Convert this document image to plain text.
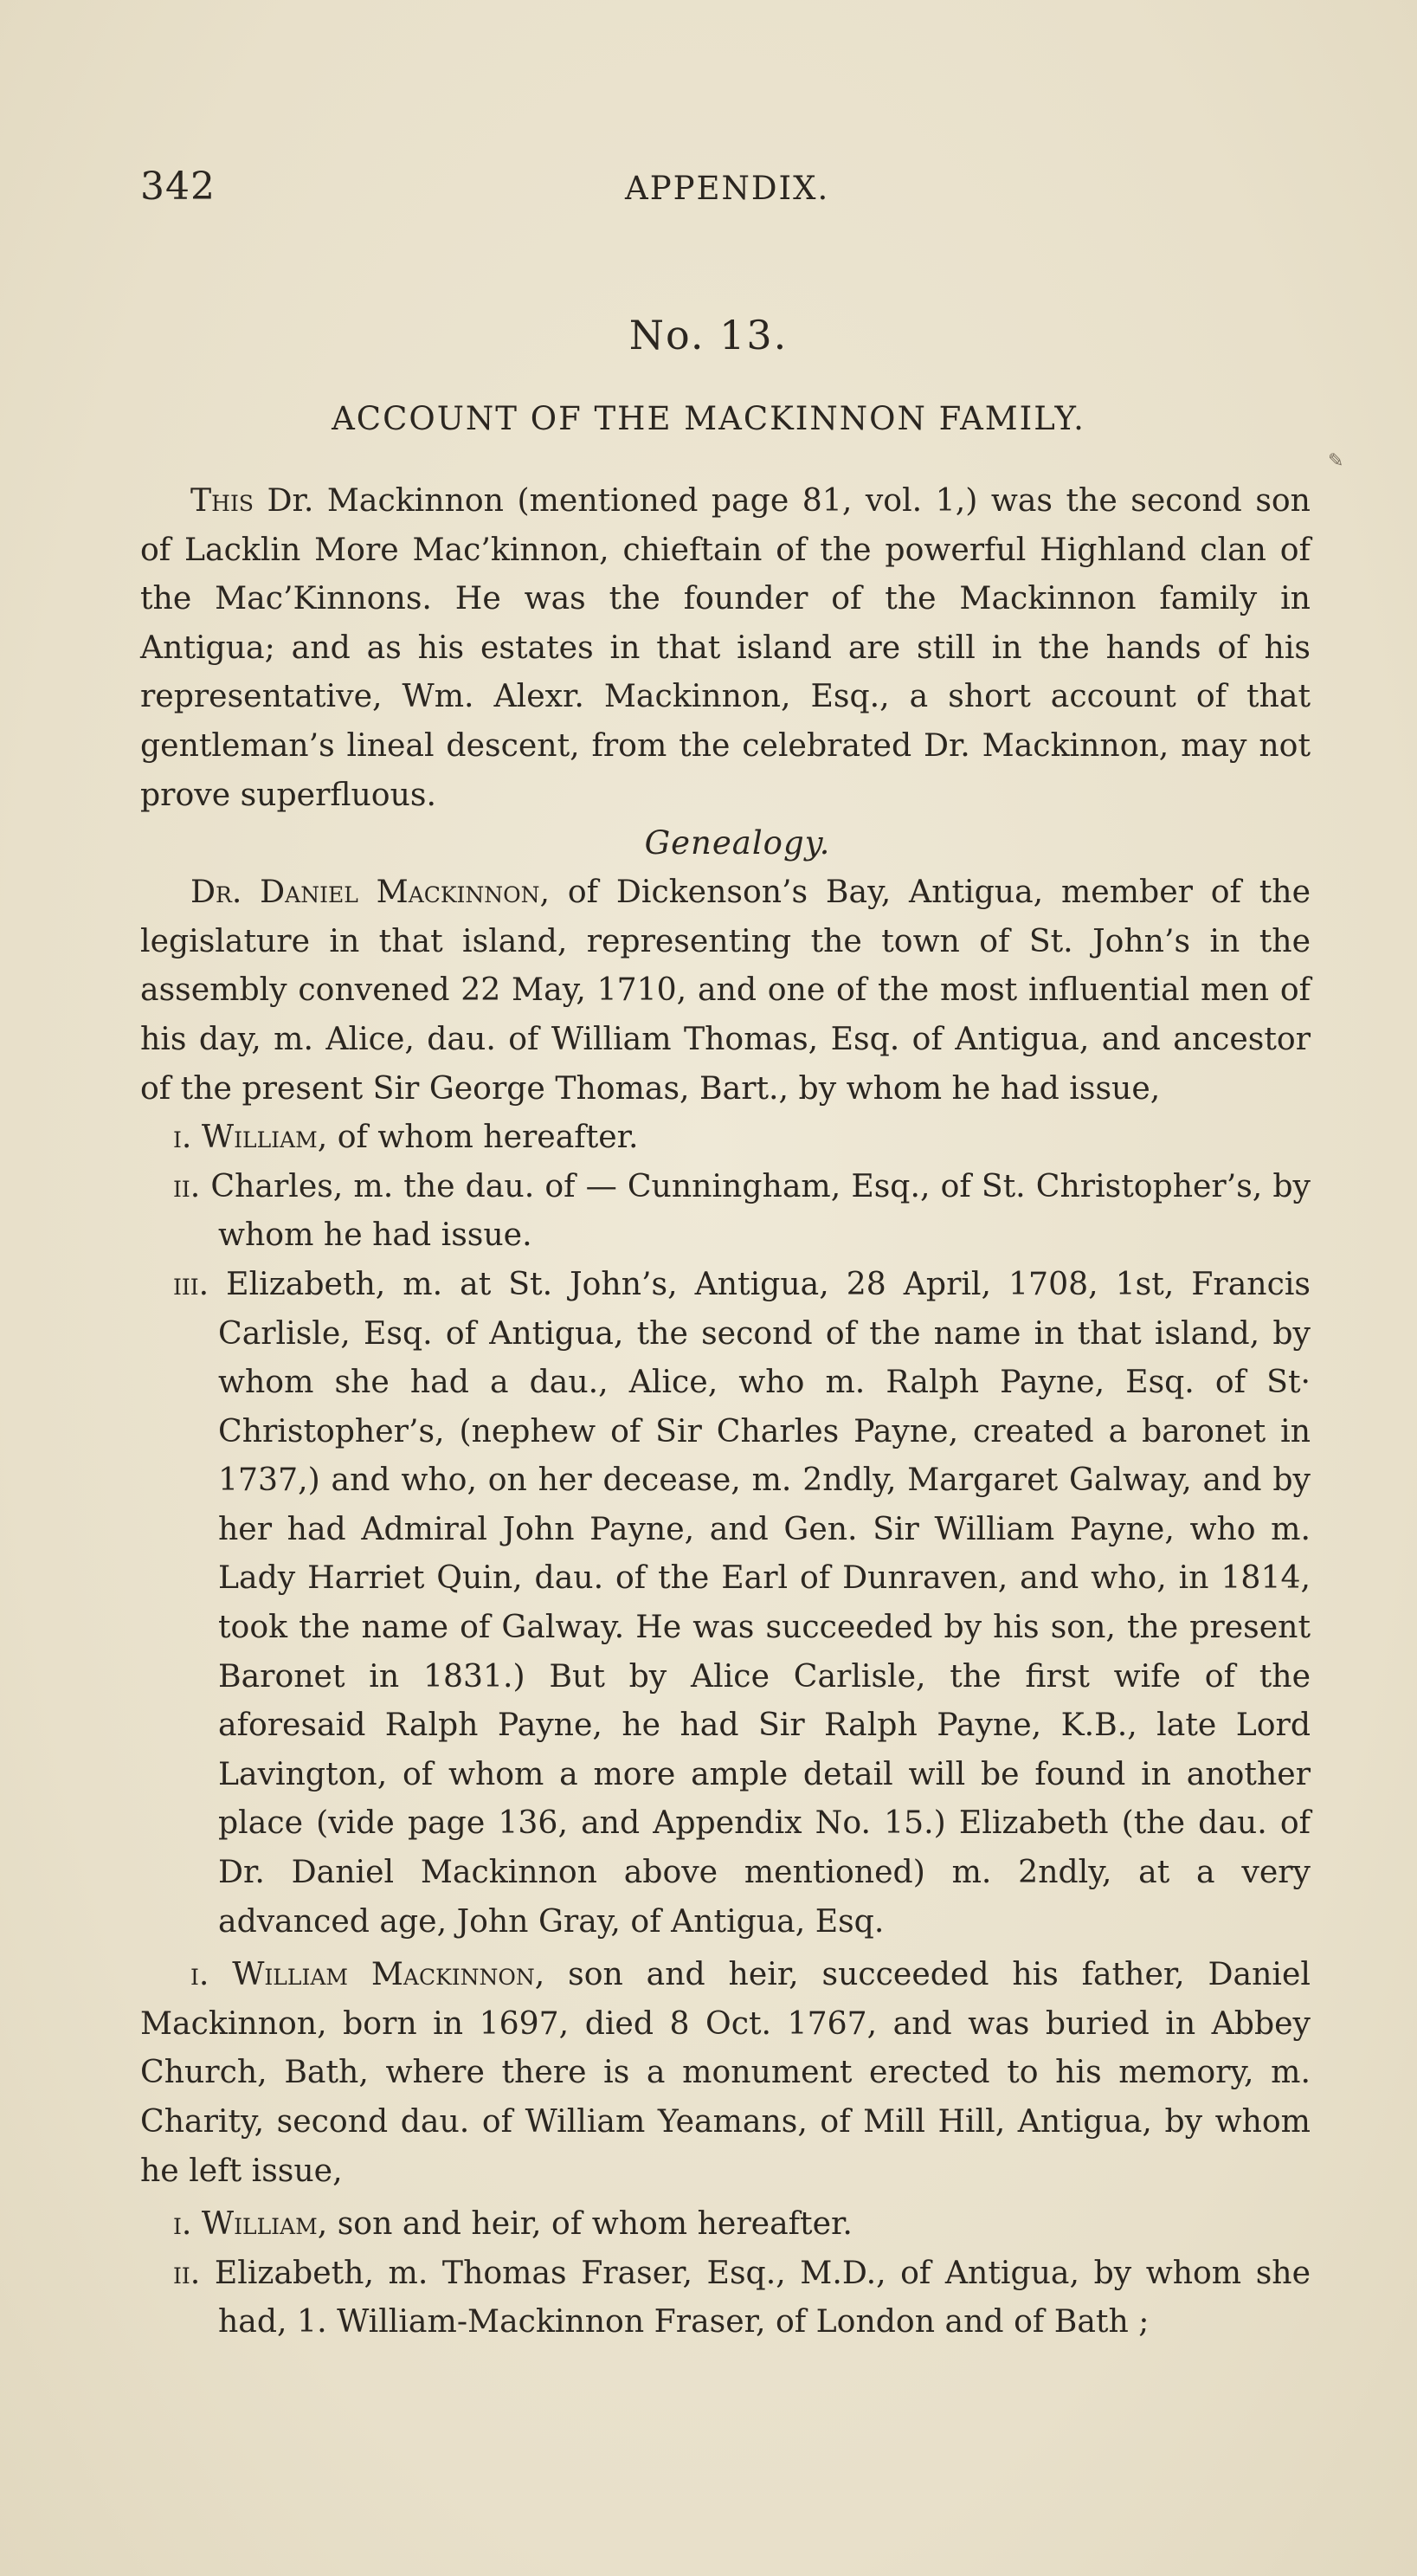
342	APPENDIX.
No. 13.
ACCOUNT OF THE MACKINNON FAMILY.

This Dr. Mackinnon (mentioned page 81, vol. 1,) was the second son of Lacklin More Mac’kinnon, chieftain of the powerful Highland clan of the Mac’Kinnons. He was the founder of the Mackinnon family in Antigua; and as his estates in that island are still in the hands of his representative, Wm. Alexr. Mackinnon, Esq., a short account of that gentleman’s lineal descent, from the celebrated Dr. Mackinnon, may not prove superfluous.

Genealogy.

Dr. Daniel Mackinnon, of Dickenson’s Bay, Antigua, member of the legislature in that island, representing the town of St. John’s in the assembly convened 22 May, 1710, and one of the most influential men of his day, m. Alice, dau. of William Thomas, Esq. of Antigua, and ancestor of the present Sir George Thomas, Bart., by whom he had issue,

i. William, of whom hereafter.

ii. Charles, m. the dau. of — Cunningham, Esq., of St. Christopher’s, by whom he had issue.

iii. Elizabeth, m. at St. John’s, Antigua, 28 April, 1708, 1st, Francis Carlisle, Esq. of Antigua, the second of the name in that island, by whom she had a dau., Alice, who m. Ralph Payne, Esq. of St· Christopher’s, (nephew of Sir Charles Payne, created a baronet in 1737,) and who, on her decease, m. 2ndly, Margaret Galway, and by her had Admiral John Payne, and Gen. Sir William Payne, who m. Lady Harriet Quin, dau. of the Earl of Dunraven, and who, in 1814, took the name of Galway. He was succeeded by his son, the present Baronet in 1831.) But by Alice Carlisle, the first wife of the aforesaid Ralph Payne, he had Sir Ralph Payne, K.B., late Lord Lavington, of whom a more ample detail will be found in another place (vide page 136, and Appendix No. 15.) Elizabeth (the dau. of Dr. Daniel Mackinnon above mentioned) m. 2ndly, at a very advanced age, John Gray, of Antigua, Esq.

i. William Mackinnon, son and heir, succeeded his father, Daniel Mackinnon, born in 1697, died 8 Oct. 1767, and was buried in Abbey Church, Bath, where there is a monument erected to his memory, m. Charity, second dau. of William Yeamans, of Mill Hill, Antigua, by whom he left issue,

i. William, son and heir, of whom hereafter.

ii. Elizabeth, m. Thomas Fraser, Esq., M.D., of Antigua, by whom she had, 1. William-Mackinnon Fraser, of London and of Bath ;

✎
